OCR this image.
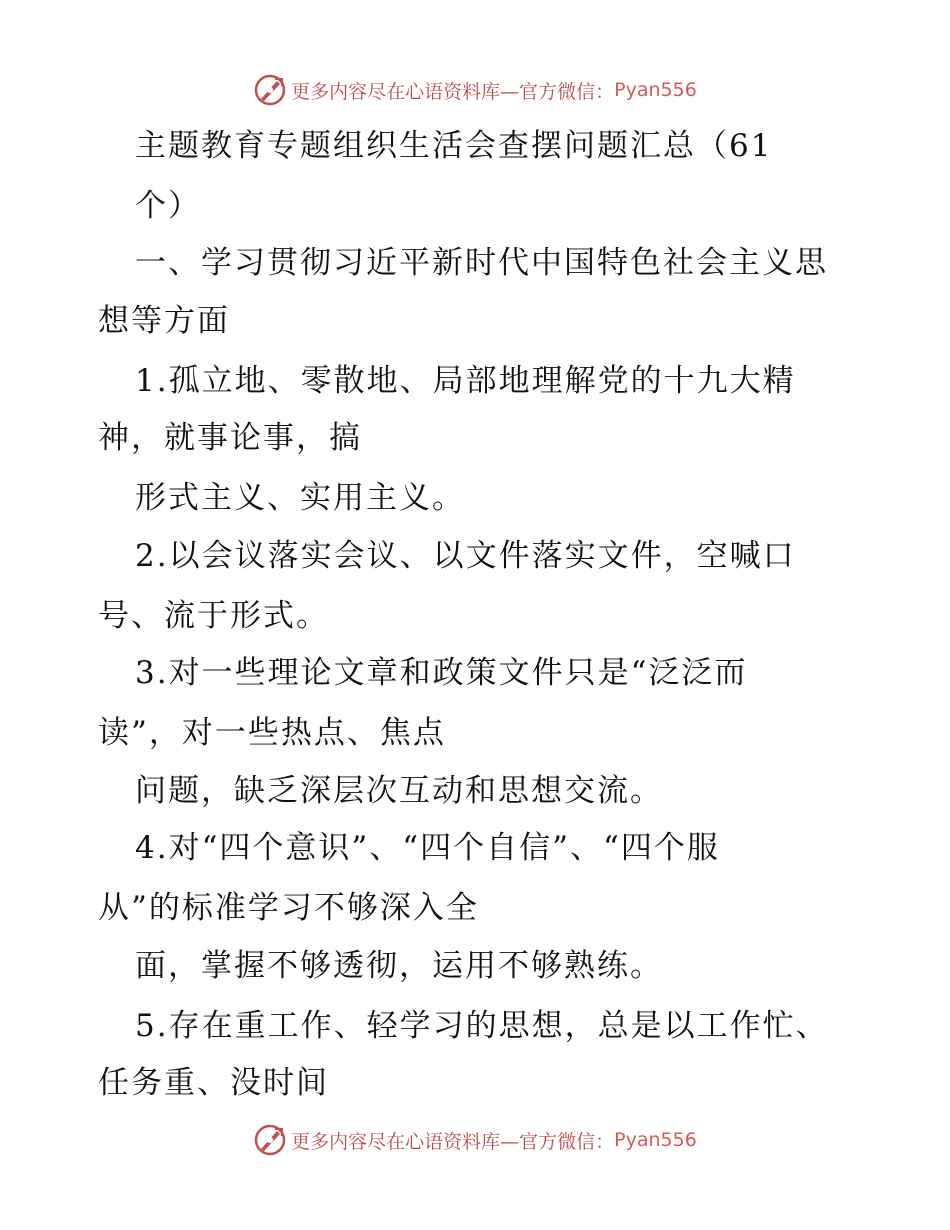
更多内容尽在心语资料库—官方微信： Pyan556
主题教育专题组织生活会查摆问题汇总（61
个）
一、学习贯彻习近平新时代中国特色社会主义思
想等方面
1.孤立地、零散地、局部地理解党的十九大精
神，就事论事，搞
形式主义、实用主义。
2.以会议落实会议、以文件落实文件，空喊口
号、流于形式。
3.对一些理论文章和政策文件只是“泛泛而
读”，对一些热点、焦点
问题，缺乏深层次互动和思想交流。
4.对“四个意识”、“四个自信”、“四个服
从”的标准学习不够深入全
面，掌握不够透彻，运用不够熟练。
5.存在重工作、轻学习的思想，总是以工作忙、
任务重、没时间
更多内容尽在心语资料库—官方微信： Pyan556
